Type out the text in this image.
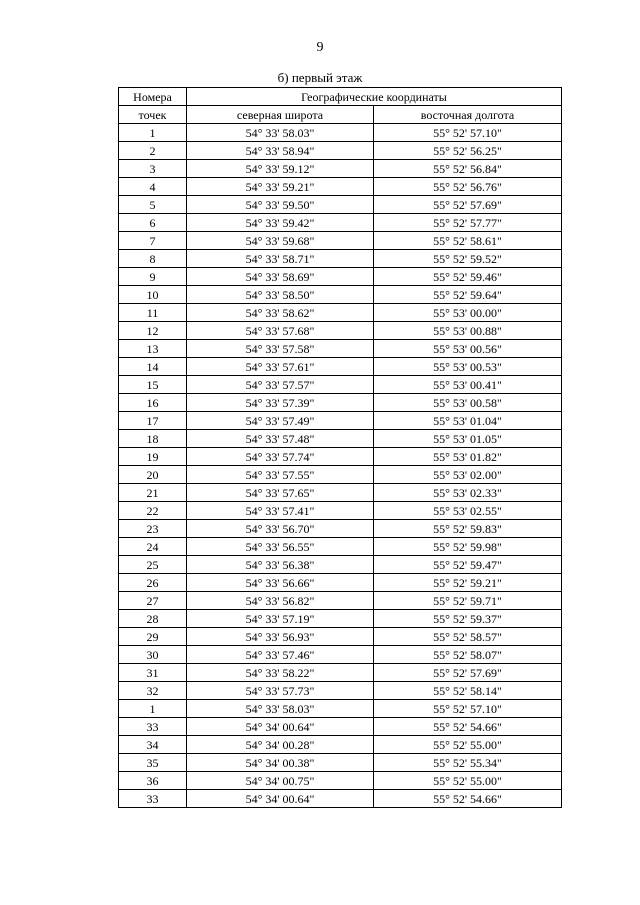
9
б) первый этаж
Номера	Географические координаты	
точек	северная широта	восточная долгота
1	54° 33' 58.03"	55° 52' 57.10"
2	54° 33' 58.94"	55° 52' 56.25"
3	54° 33' 59.12"	55° 52' 56.84"
4	54° 33' 59.21"	55° 52' 56.76"
5	54° 33' 59.50"	55° 52' 57.69"
6	54° 33' 59.42"	55° 52' 57.77"
7	54° 33' 59.68"	55° 52' 58.61"
8	54° 33' 58.71"	55° 52' 59.52"
9	54° 33' 58.69"	55° 52' 59.46"
10	54° 33' 58.50"	55° 52' 59.64"
11	54° 33' 58.62"	55° 53' 00.00"
12	54° 33' 57.68"	55° 53' 00.88"
13	54° 33' 57.58"	55° 53' 00.56"
14	54° 33' 57.61"	55° 53' 00.53"
15	54° 33' 57.57"	55° 53' 00.41"
16	54° 33' 57.39"	55° 53' 00.58"
17	54° 33' 57.49"	55° 53' 01.04"
18	54° 33' 57.48"	55° 53' 01.05"
19	54° 33' 57.74"	55° 53' 01.82"
20	54° 33' 57.55"	55° 53' 02.00"
21	54° 33' 57.65"	55° 53' 02.33"
22	54° 33' 57.41"	55° 53' 02.55"
23	54° 33' 56.70"	55° 52' 59.83"
24	54° 33' 56.55"	55° 52' 59.98"
25	54° 33' 56.38"	55° 52' 59.47"
26	54° 33' 56.66"	55° 52' 59.21"
27	54° 33' 56.82"	55° 52' 59.71"
28	54° 33' 57.19"	55° 52' 59.37"
29	54° 33' 56.93"	55° 52' 58.57"
30	54° 33' 57.46"	55° 52' 58.07"
31	54° 33' 58.22"	55° 52' 57.69"
32	54° 33' 57.73"	55° 52' 58.14"
1	54° 33' 58.03"	55° 52' 57.10"
33	54° 34' 00.64"	55° 52' 54.66"
34	54° 34' 00.28"	55° 52' 55.00"
35	54° 34' 00.38"	55° 52' 55.34"
36	54° 34' 00.75"	55° 52' 55.00"
33	54° 34' 00.64"	55° 52' 54.66"
